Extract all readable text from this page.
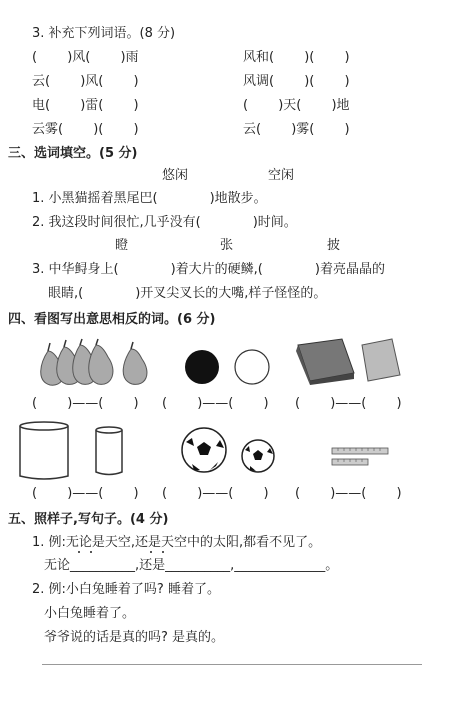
3. 补充下列词语。(8 分)
(　　 )风(　　 )雨	风和(　　 )(　　 )
云(　　 )风(　　 )	风调(　　 )(　　 )
电(　　 )雷(　　 )	(　　 )天(　　 )地
云雾(　　 )(　　 )	云(　　 )雾(　　 )
三、选词填空。(5 分)
悠闲	空闲
1. 小黑猫摇着黑尾巴(　　　　)地散步。
2. 我这段时间很忙,几乎没有(　　　　)时间。
瞪	张	披
3. 中华鲟身上(　　　　)着大片的硬鳞,(　　　　)着亮晶晶的
眼睛,(　　　　)开叉尖叉长的大嘴,样子怪怪的。
四、看图写出意思相反的词。(6 分)
(　　 )——(　　 ) (　　 )——(　　 ) (　　 )——(　　 )
(　　 )——(　　 ) (　　 )——(　　 ) (　　 )——(　　 )
五、照样子,写句子。(4 分)
1. 例:无论是天空,还是天空中的太阳,都看不见了。
无论__________,还是__________,______________。
2. 例:小白兔睡着了吗? 睡着了。
小白兔睡着了。
爷爷说的话是真的吗? 是真的。
